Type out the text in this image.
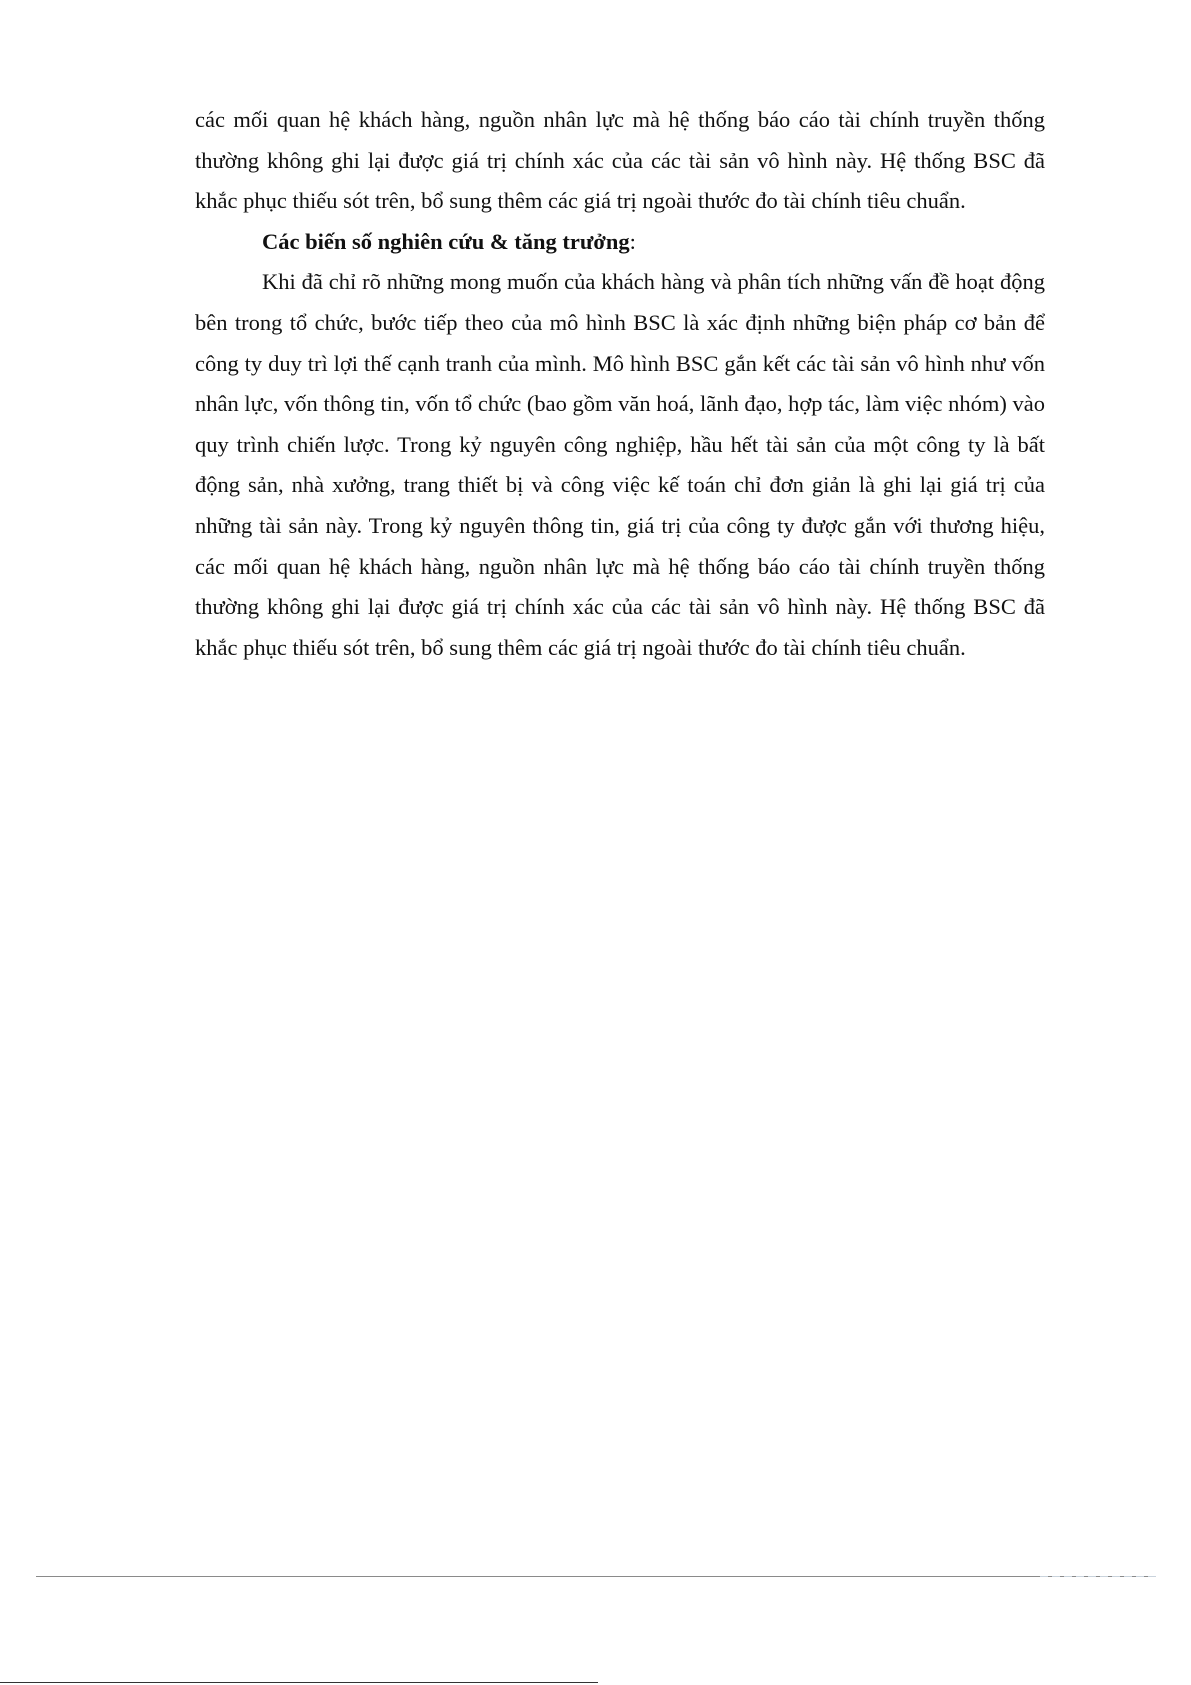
các mối quan hệ khách hàng, nguồn nhân lực mà hệ thống báo cáo tài chính truyền thống thường không ghi lại được giá trị chính xác của các tài sản vô hình này. Hệ thống BSC đã khắc phục thiếu sót trên, bổ sung thêm các giá trị ngoài thước đo tài chính tiêu chuẩn.

Các biến số nghiên cứu & tăng trưởng:

Khi đã chỉ rõ những mong muốn của khách hàng và phân tích những vấn đề hoạt động bên trong tổ chức, bước tiếp theo của mô hình BSC là xác định những biện pháp cơ bản để công ty duy trì lợi thế cạnh tranh của mình. Mô hình BSC gắn kết các tài sản vô hình như vốn nhân lực, vốn thông tin, vốn tổ chức (bao gồm văn hoá, lãnh đạo, hợp tác, làm việc nhóm) vào quy trình chiến lược. Trong kỷ nguyên công nghiệp, hầu hết tài sản của một công ty là bất động sản, nhà xưởng, trang thiết bị và công việc kế toán chỉ đơn giản là ghi lại giá trị của những tài sản này. Trong kỷ nguyên thông tin, giá trị của công ty được gắn với thương hiệu, các mối quan hệ khách hàng, nguồn nhân lực mà hệ thống báo cáo tài chính truyền thống thường không ghi lại được giá trị chính xác của các tài sản vô hình này. Hệ thống BSC đã khắc phục thiếu sót trên, bổ sung thêm các giá trị ngoài thước đo tài chính tiêu chuẩn.
